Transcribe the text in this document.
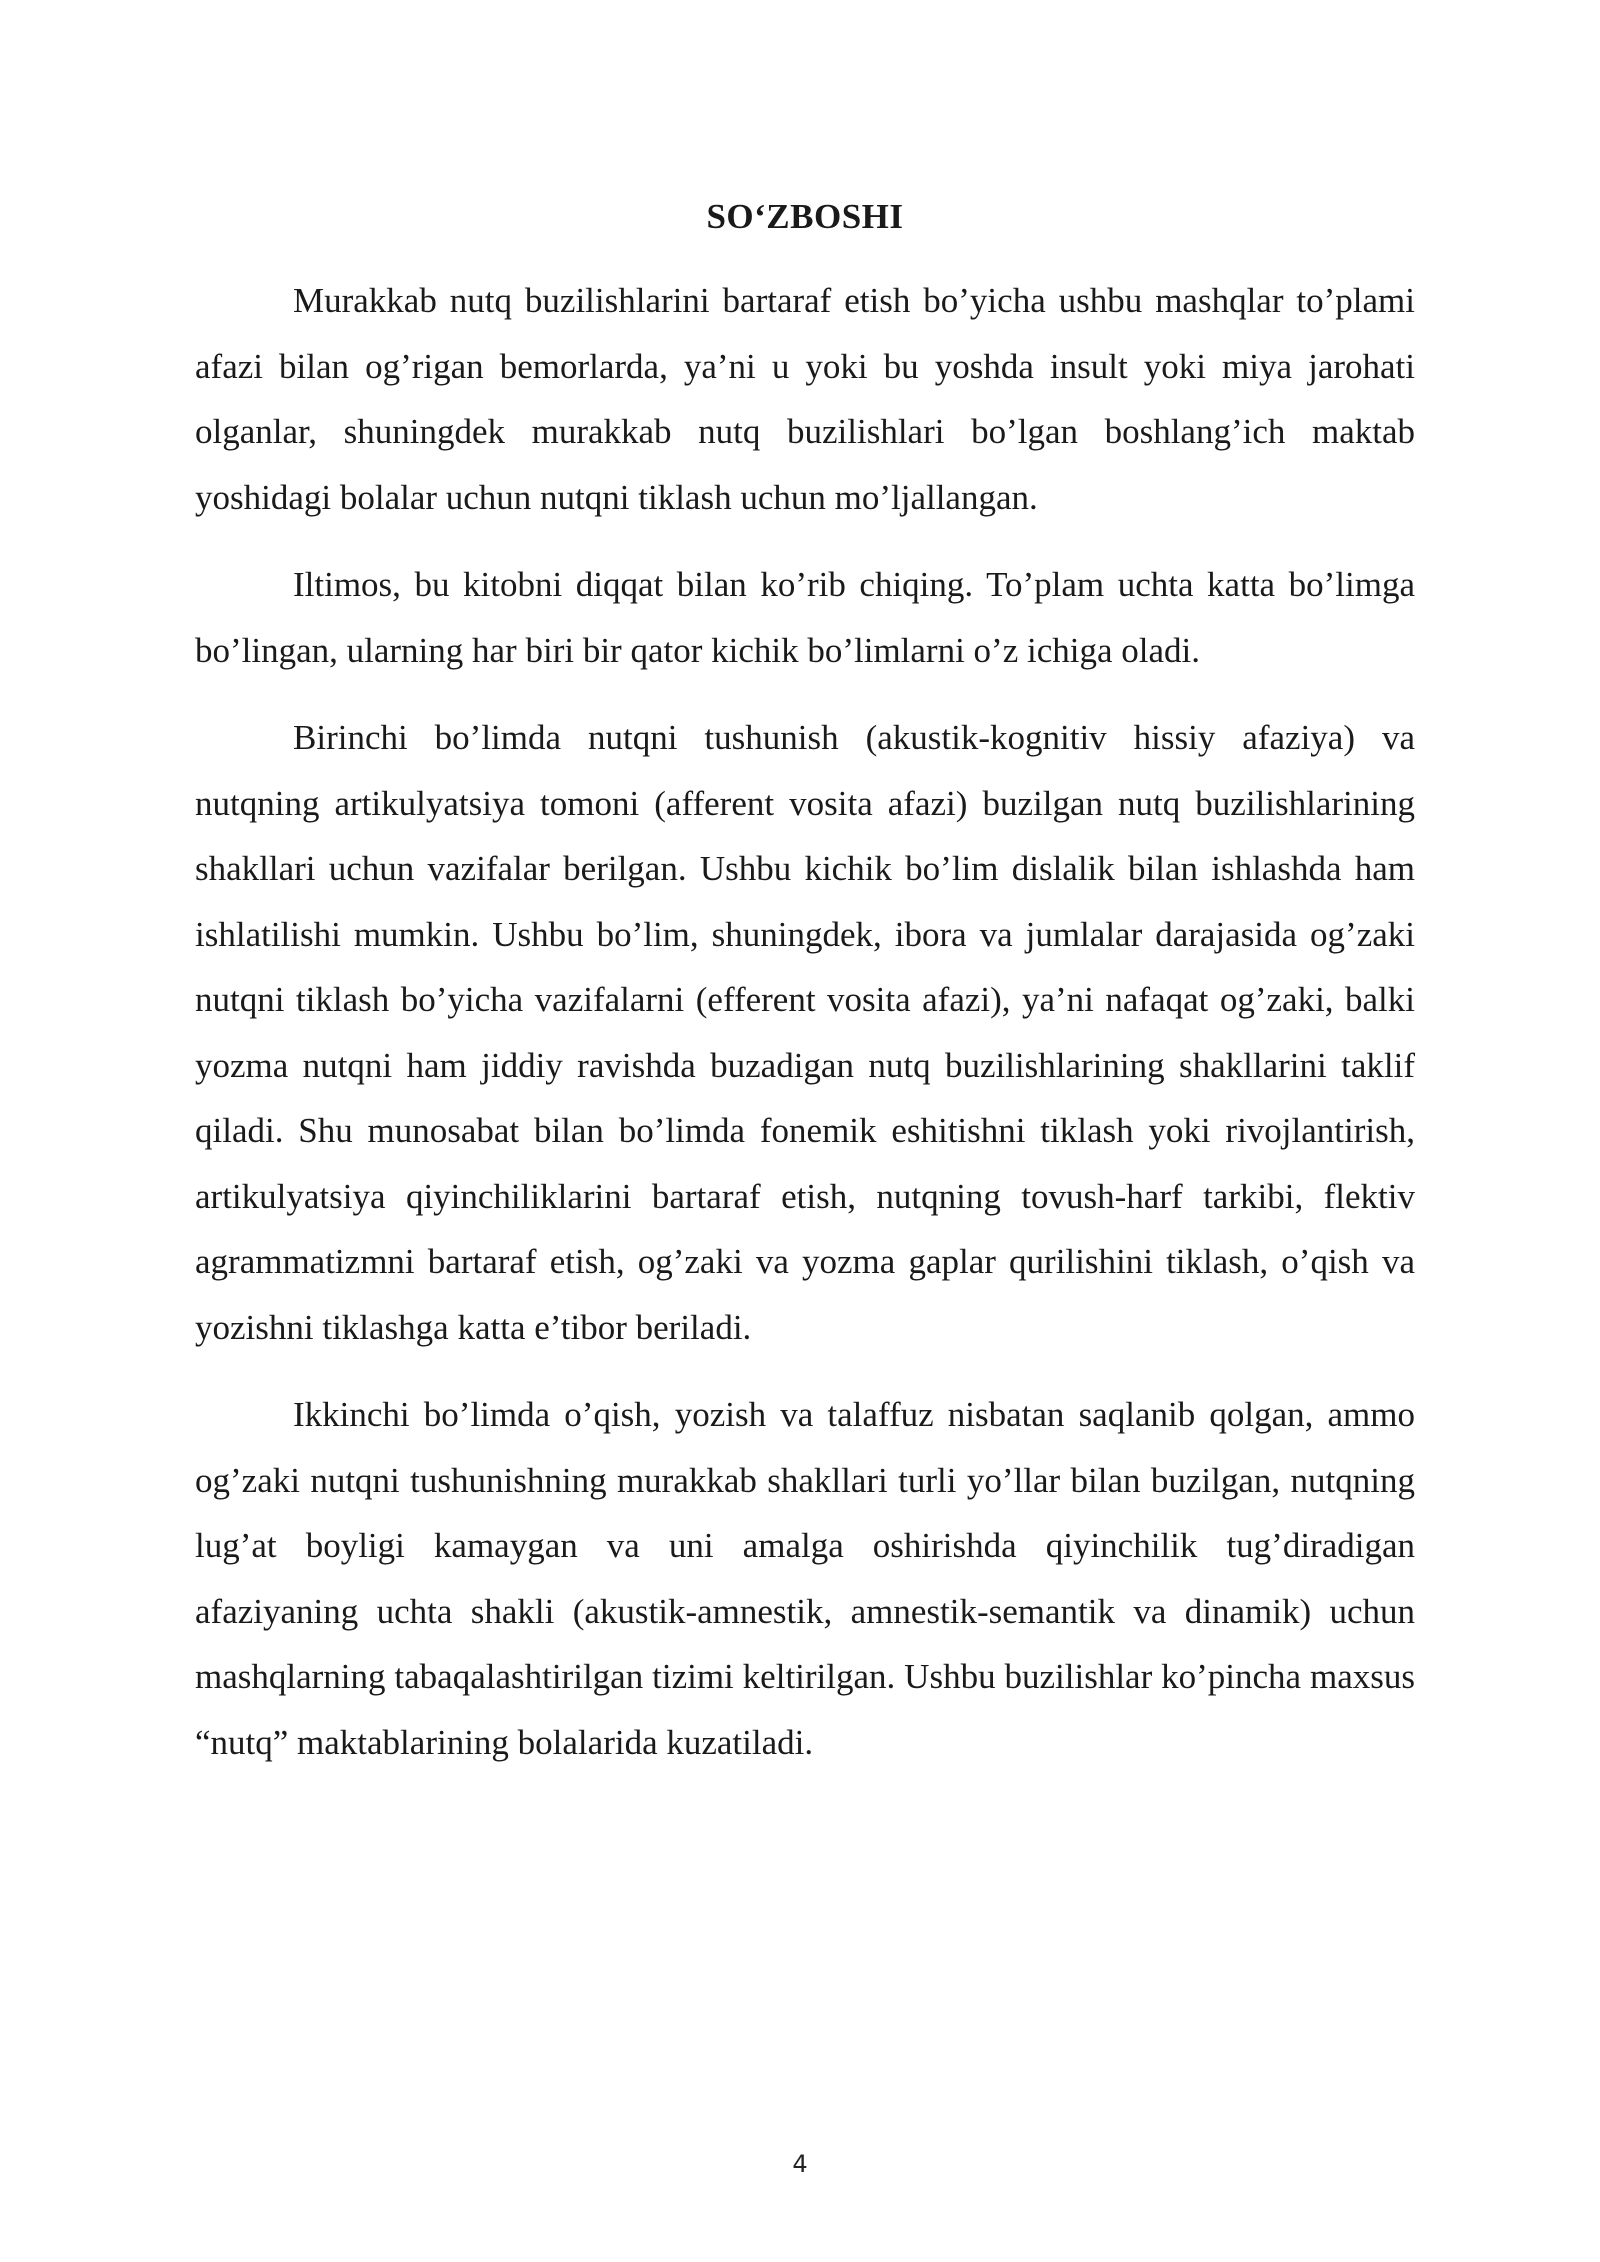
SO‘ZBOSHI

Murakkab nutq buzilishlarini bartaraf etish bo’yicha ushbu mashqlar to’plami afazi bilan og’rigan bemorlarda, ya’ni u yoki bu yoshda insult yoki miya jarohati olganlar, shuningdek murakkab nutq buzilishlari bo’lgan boshlang’ich maktab yoshidagi bolalar uchun nutqni tiklash uchun mo’ljallangan.

Iltimos, bu kitobni diqqat bilan ko’rib chiqing. To’plam uchta katta bo’limga bo’lingan, ularning har biri bir qator kichik bo’limlarni o’z ichiga oladi.

Birinchi bo’limda nutqni tushunish (akustik-kognitiv hissiy afaziya) va nutqning artikulyatsiya tomoni (afferent vosita afazi) buzilgan nutq buzilishlarining shakllari uchun vazifalar berilgan. Ushbu kichik bo’lim dislalik bilan ishlashda ham ishlatilishi mumkin. Ushbu bo’lim, shuningdek, ibora va jumlalar darajasida og’zaki nutqni tiklash bo’yicha vazifalarni (efferent vosita afazi), ya’ni nafaqat og’zaki, balki yozma nutqni ham jiddiy ravishda buzadigan nutq buzilishlarining shakllarini taklif qiladi. Shu munosabat bilan bo’limda fonemik eshitishni tiklash yoki rivojlantirish, artikulyatsiya qiyinchiliklarini bartaraf etish, nutqning tovush-harf tarkibi, flektiv agrammatizmni bartaraf etish, og’zaki va yozma gaplar qurilishini tiklash, o’qish va yozishni tiklashga katta e’tibor beriladi.

Ikkinchi bo’limda o’qish, yozish va talaffuz nisbatan saqlanib qolgan, ammo og’zaki nutqni tushunishning murakkab shakllari turli yo’llar bilan buzilgan, nutqning lug’at boyligi kamaygan va uni amalga oshirishda qiyinchilik tug’diradigan afaziyaning uchta shakli (akustik-amnestik, amnestik-semantik va dinamik) uchun mashqlarning tabaqalashtirilgan tizimi keltirilgan. Ushbu buzilishlar ko’pincha maxsus “nutq” maktablarining bolalarida kuzatiladi.

4
